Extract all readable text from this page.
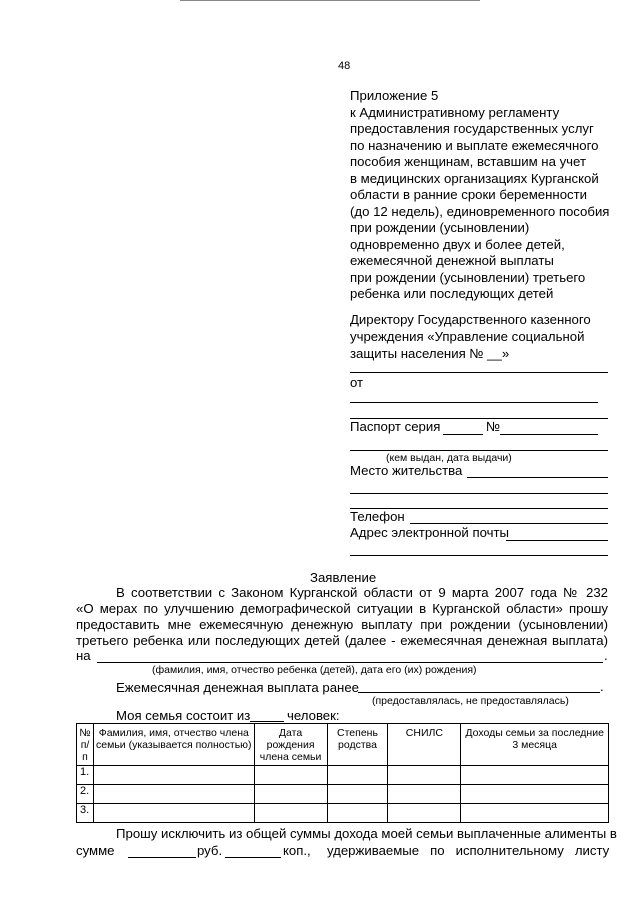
48
Приложение 5
к Административному регламенту
предоставления государственных услуг
по назначению и выплате ежемесячного
пособия женщинам, вставшим на учет
в медицинских организациях Курганской
области в ранние сроки беременности
(до 12 недель), единовременного пособия
при рождении (усыновлении)
одновременно двух и более детей,
ежемесячной денежной выплаты
при рождении (усыновлении) третьего
ребенка или последующих детей
Директору Государственного казенного
учреждения «Управление социальной
защиты населения № __»
от
Паспорт серия	№
(кем выдан, дата выдачи)
Место жительства
Телефон
Адрес электронной почты
Заявление
В соответствии с Законом Курганской области от 9 марта 2007 года № 232
«О мерах по улучшению демографической ситуации в Курганской области» прошу
предоставить мне ежемесячную денежную выплату при рождении (усыновлении)
третьего ребенка или последующих детей (далее - ежемесячная денежная выплата)
на	.
(фамилия, имя, отчество ребенка (детей), дата его (их) рождения)
Ежемесячная денежная выплата ранее	.
(предоставлялась, не предоставлялась)
Моя семья состоит из	человек:
№ п/ п	Фамилия, имя, отчество члена семьи (указывается полностью)	Дата рождения члена семьи	Степень родства	СНИЛС	Доходы семьи за последние 3 месяца
1.					
2.					
3.					
Прошу исключить из общей суммы дохода моей семьи выплаченные алименты в
сумме	руб.	коп., удерживаемые   по   исполнительному   листу
